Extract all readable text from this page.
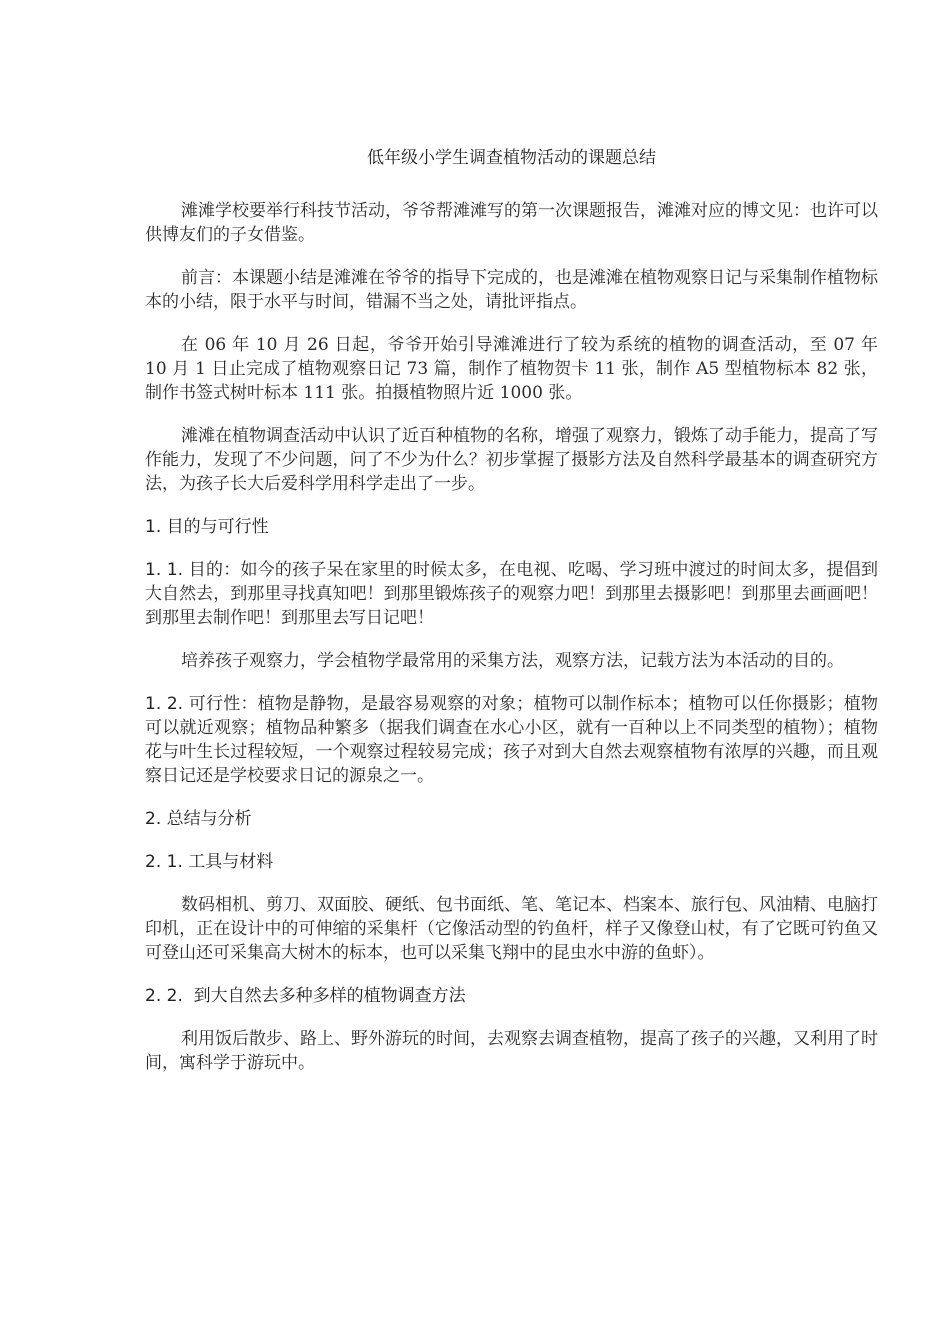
低年级小学生调查植物活动的课题总结

滩滩学校要举行科技节活动，爷爷帮滩滩写的第一次课题报告，滩滩对应的博文见：也许可以供博友们的子女借鉴。

前言：本课题小结是滩滩在爷爷的指导下完成的，也是滩滩在植物观察日记与采集制作植物标本的小结，限于水平与时间，错漏不当之处，请批评指点。

在 06 年 10 月 26 日起，爷爷开始引导滩滩进行了较为系统的植物的调查活动，至 07 年 10 月 1 日止完成了植物观察日记 73 篇，制作了植物贺卡 11 张，制作 A5 型植物标本 82 张，制作书签式树叶标本 111 张。拍摄植物照片近 1000 张。

滩滩在植物调查活动中认识了近百种植物的名称，增强了观察力，锻炼了动手能力，提高了写作能力，发现了不少问题，问了不少为什么？初步掌握了摄影方法及自然科学最基本的调查研究方法，为孩子长大后爱科学用科学走出了一步。

1. 目的与可行性

1. 1. 目的：如今的孩子呆在家里的时候太多，在电视、吃喝、学习班中渡过的时间太多，提倡到大自然去，到那里寻找真知吧！到那里锻炼孩子的观察力吧！到那里去摄影吧！到那里去画画吧！到那里去制作吧！到那里去写日记吧！

培养孩子观察力，学会植物学最常用的采集方法，观察方法，记载方法为本活动的目的。

1. 2. 可行性：植物是静物，是最容易观察的对象；植物可以制作标本；植物可以任你摄影；植物可以就近观察；植物品种繁多（据我们调查在水心小区，就有一百种以上不同类型的植物）；植物花与叶生长过程较短，一个观察过程较易完成；孩子对到大自然去观察植物有浓厚的兴趣，而且观察日记还是学校要求日记的源泉之一。

2. 总结与分析
2. 1. 工具与材料

数码相机、剪刀、双面胶、硬纸、包书面纸、笔、笔记本、档案本、旅行包、风油精、电脑打印机，正在设计中的可伸缩的采集杆（它像活动型的钓鱼杆，样子又像登山杖，有了它既可钓鱼又可登山还可采集高大树木的标本，也可以采集飞翔中的昆虫水中游的鱼虾）。

2. 2.  到大自然去多种多样的植物调查方法

利用饭后散步、路上、野外游玩的时间，去观察去调查植物，提高了孩子的兴趣，又利用了时间，寓科学于游玩中。
